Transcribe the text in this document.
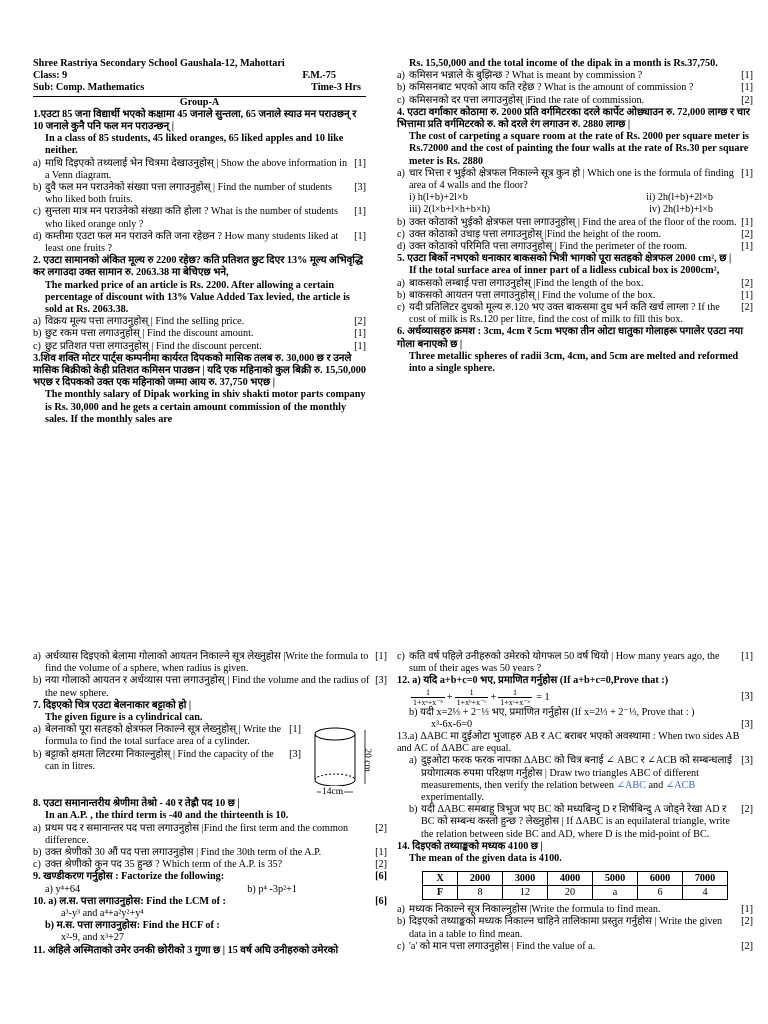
Shree Rastriya Secondary School Gaushala-12, Mahottari
Class: 9	F.M.-75
Sub: Comp. Mathematics	Time-3 Hrs
Group-A
1.एउटा 85 जना विद्यार्थी भएको कक्षामा 45 जनाले सुन्तला, 65 जनाले स्याउ मन पराउछन् र 10 जनाले कुनै पनि फल मन पराउन्छन् |
In a class of 85 students, 45 liked oranges, 65 liked apples and 10 like neither.
a) माथि दिइएको तथ्यलाई भेन चित्रमा देखाउनुहोस् | Show the above information in a Venn diagram.
[1]
b) दुवै फल मन पराउनेको संख्या पत्ता लगाउनुहोस् | Find the number of students who liked both fruits.
[3]
c) सुन्तला मात्र मन पराउनेको संख्या कति होला ? What is the number of students who liked orange only ?
[1]
d) कम्तीमा एउटा फल मन पराउने कति जना रहेछन ? How many students liked at least one fruits ?
[1]
2. एउटा सामानको अंकित मूल्य रु 2200 रहेछ? कति प्रतिशत छुट दिएर 13% मूल्य अभिवृद्धि कर लगाउदा उक्त सामान रु. 2063.38 मा बेचिएछ भने,
The marked price of an article is Rs. 2200. After allowing a certain percentage of discount with 13% Value Added Tax levied, the article is sold at Rs. 2063.38.
a) विक्रय मूल्य पत्ता लगाउनुहोस् | Find the selling price.	[2]
b) छुट रकम पत्ता लगाउनुहोस् | Find the discount amount.	[1]
c) छुट प्रतिशत पत्ता लगाउनुहोस् | Find the discount percent.	[1]
3.शिव शक्ति मोटर पार्ट्स कम्पनीमा कार्यरत दिपकको मासिक तलब रु. 30,000 छ र उनले मासिक बिक्रीको केही प्रतिशत कमिसन पाउछन | यदि एक महिनाको कुल बिक्री रु. 15,50,000 भएछ र दिपकको उक्त एक महिनाको जम्मा आय रु. 37,750 भएछ |
The monthly salary of Dipak working in shiv shakti motor parts company is Rs. 30,000 and he gets a certain amount commission of the monthly sales. If the monthly sales are
Rs. 15,50,000 and the total income of the dipak in a month is Rs.37,750.
a) कमिसन भन्नाले के बुझिन्छ ? What is meant by commission ?	[1]
b) कमिसनबाट भएको आय कति रहेछ ? What is the amount of commission ?	[1]
c) कमिसनको दर पत्ता लगाउनुहोस् |Find the rate of commission.	[2]
4. एउटा वर्गाकार कोठामा रु. 2000 प्रति वर्गमिटरका दरले कार्पेट ओछ्याउन रु. 72,000 लाग्छ र चार भित्तामा प्रति वर्गमिटरको रु. को दरले रंग लगाउन रु. 2880 लाग्छ |
The cost of carpeting a square room at the rate of Rs. 2000 per square meter is Rs.72000 and the cost of painting the four walls at the rate of Rs.30 per square meter is Rs. 2880
a) चार भित्ता र भुईको क्षेत्रफल निकाल्ने सूत्र कुन हो | Which one is the formula of finding area of 4 walls and the floor?
[1]
i) h(l+b)+2l×b	ii) 2h(l+b)+2l×b
iii) 2(l×b+l×h+b×h)	iv) 2h(l+b)+l×b
b) उक्त कोठाको भुईको क्षेत्रफल पत्ता लगाउनुहोस् | Find the area of the floor of the room. [1]
c) उक्त कोठाको उचाइ पत्ता लगाउनुहोस् |Find the height of the room.	[2]
d) उक्त कोठाको परिमिति पत्ता लगाउनुहोस् | Find the perimeter of the room.	[1]
5. एउटा बिर्को नभएको धनाकार बाकसको भित्री भागको पूरा सतहको क्षेत्रफल 2000 cm², छ |
If the total surface area of inner part of a lidless cubical box is 2000cm²,
a) बाकसको लम्बाई पत्ता लगाउनुहोस् |Find the length of the box.	[2]
b) बाकसको आयतन पत्ता लगाउनुहोस् | Find the volume of the box.	[1]
c) यदी प्रतिलिटर दुधको मूल्य रु.120 भए उक्त बाकसमा दुध भर्न कति खर्च लाग्ला ? If the cost of milk is Rs.120 per litre, find the cost of milk to fill this box.
[2]
6. अर्धव्यासहरु क्रमश : 3cm, 4cm र 5cm भएका तीन ओटा धातुका गोलाहरू पगालेर एउटा नया गोला बनाएको छ |
Three metallic spheres of radii 3cm, 4cm, and 5cm are melted and reformed into a single sphere.
a) अर्धव्यास दिइएको बेलामा गोलाको आयतन निकाल्ने सूत्र लेख्नुहोस |Write the formula to find the volume of a sphere, when radius is given.
[1]
b) नया गोलाको आयतन र अर्धव्यास पत्ता लगाउनुहोस् | Find the volume and the radius of the new sphere.
[3]
7. दिइएको चित्र एउटा बेलनाकार बट्टाको हो |
The given figure is a cylindrical can.
a) बेलनाको पूरा सतहको क्षेत्रफल निकाल्ने सूत्र लेख्नुहोस् | Write the formula to find the total surface area of a cylinder.
[1]
b) बट्टाको क्षमता लिटरमा निकाल्नुहोस् | Find the capacity of the can in litres.
[3]	20 cm
14cm
8. एउटा समानान्तरीय श्रेणीमा तेश्रो - 40 र तेह्रौ पद 10 छ |
In an A.P. , the third term is -40 and the thirteenth is 10.
a) प्रथम पद र समानान्तर पद पत्ता लगाउनुहोस |Find the first term and the common difference.
[2]
b) उक्त श्रेणीको 30 औं पद पत्ता लगाउनुहोस | Find the 30th term of the A.P.	[1]
c) उक्त श्रेणीको कुन पद 35 हुन्छ ? Which term of the A.P. is 35?	[2]
9. खण्डीकरण गर्नुहोस : Factorize the following:	[6]
a) y⁴+64	b) p⁴ -3p²+1
10. a) ल.स. पत्ता लगाउनुहोस: Find the LCM of :	[6]
a³-y³ and a⁴+a²y²+y⁴
b) म.स. पत्ता लगाउनुहोस: Find the HCF of :
x²-9, and x³+27
11. अहिले अस्मिताको उमेर उनकी छोरीको 3 गुणा छ | 15 वर्ष अघि उनीहरुको उमेरको
c) कति वर्ष पहिले उनीहरुको उमेरको योगफल 50 वर्ष थियो | How many years ago, the sum of their ages was 50 years ?
[1]
12. a) यदि a+b+c=0 भए, प्रमाणित गर्नुहोस (If a+b+c=0,Prove that :)
$\frac{1}{\text{1+xᵃ+x⁻ᵇ}} + \frac{1}{\text{1+xᵇ+x⁻ᶜ}} + \frac{1}{\text{1+xᶜ+x⁻ᵃ}} = 1$	[3]
b) यदी x=2⅓ + 2⁻⅓ भए, प्रमाणित गर्नुहोस (If x=2⅓ + 2⁻⅓, Prove that : )
x³-6x-6=0	[3]
13.a) ΔABC मा दुईओटा भुजाहरु AB र AC बराबर भएको अवस्थामा : When two sides AB and AC of ΔABC are equal.
a) दुइओटा फरक फरक नापका ΔABC को चित्र बनाई ∠ ABC र ∠ACB को सम्बन्धलाई प्रयोगात्मक रुपमा परिक्षण गर्नुहोस | Draw two triangles ABC of different measurements, then verify the relation between ∠ABC and ∠ACB experimentally.
[3]
b) यदी ΔABC समबाहु त्रिभुज भए BC को मध्यबिन्दु D र शिर्षबिन्दु A जोड्ने रेखा AD र BC को सम्बन्ध कस्तो हुन्छ ? लेख्नुहोस | If ΔABC is an equilateral triangle, write the relation between side BC and AD, where D is the mid-point of BC.
[2]
14. दिइएको तथ्याङ्कको मध्यक 4100 छ |
The mean of the given data is 4100.
X	2000	3000	4000	5000	6000	7000
F	8	12	20	a	6	4
a) मध्यक निकाल्ने सूत्र निकाल्नुहोस |Write the formula to find mean.	[1]
b) दिइएको तथ्याङ्कको मध्यक निकाल्न चाहिने तालिकामा प्रस्तुत गर्नुहोस | Write the given data in a table to find mean.
[2]
c) 'a' को मान पत्ता लगाउनुहोस | Find the value of a.	[2]
